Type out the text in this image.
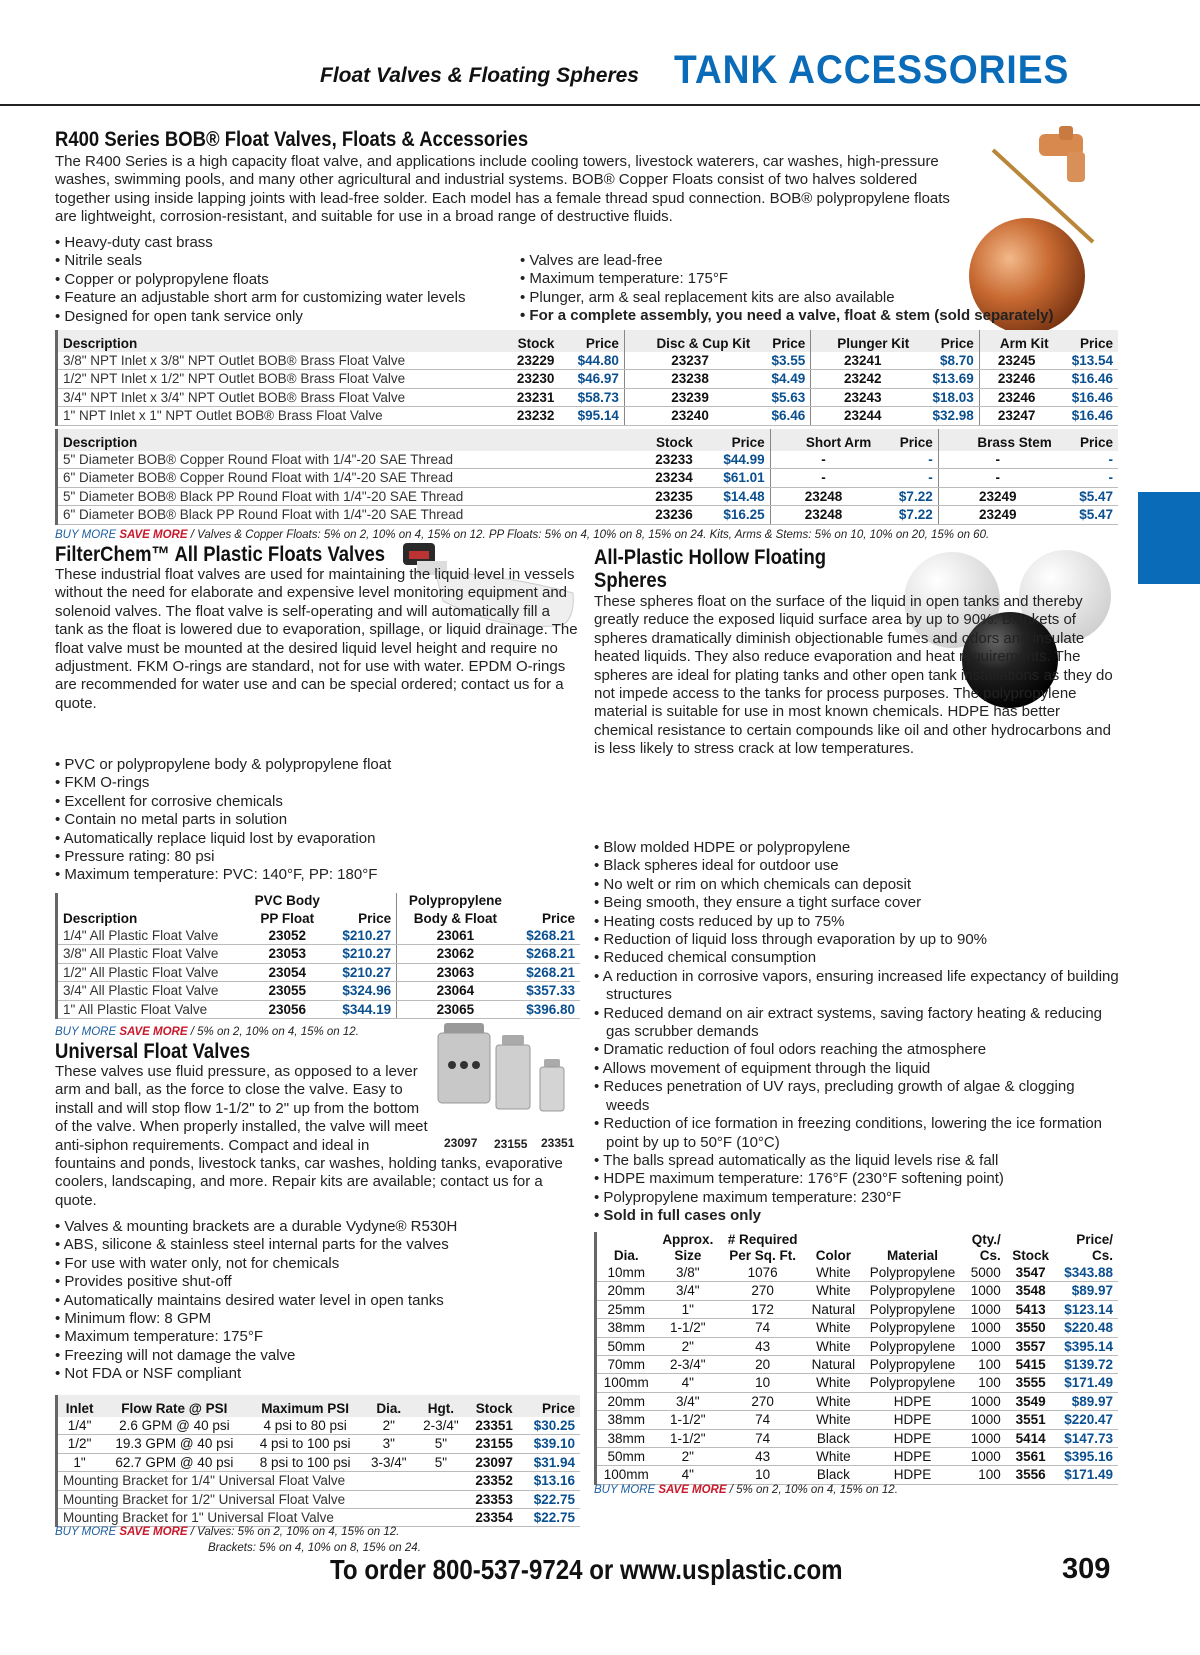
Float Valves & Floating Spheres TANK ACCESSORIES
R400 Series BOB® Float Valves, Floats & Accessories

The R400 Series is a high capacity float valve, and applications include cooling towers, livestock waterers, car washes, high-pressure washes, swimming pools, and many other agricultural and industrial systems. BOB® Copper Floats consist of two halves soldered together using inside lapping joints with lead-free solder. Each model has a female thread spud connection. BOB® polypropylene floats are lightweight, corrosion-resistant, and suitable for use in a broad range of destructive fluids.

• Heavy-duty cast brass
• Nitrile seals
• Copper or polypropylene floats
• Feature an adjustable short arm for customizing water levels
• Designed for open tank service only
• Valves are lead-free
• Maximum temperature: 175°F
• Plunger, arm & seal replacement kits are also available
• For a complete assembly, you need a valve, float & stem (sold separately)
Description	Stock	Price	Disc & Cup Kit	Price	Plunger Kit	Price	Arm Kit	Price
3/8" NPT Inlet x 3/8" NPT Outlet BOB® Brass Float Valve	23229	$44.80	23237	$3.55	23241	$8.70	23245	$13.54
1/2" NPT Inlet x 1/2" NPT Outlet BOB® Brass Float Valve	23230	$46.97	23238	$4.49	23242	$13.69	23246	$16.46
3/4" NPT Inlet x 3/4" NPT Outlet BOB® Brass Float Valve	23231	$58.73	23239	$5.63	23243	$18.03	23246	$16.46
1" NPT Inlet x 1" NPT Outlet BOB® Brass Float Valve	23232	$95.14	23240	$6.46	23244	$32.98	23247	$16.46
Description	Stock	Price	Short Arm	Price	Brass Stem	Price
5" Diameter BOB® Copper Round Float with 1/4"-20 SAE Thread	23233	$44.99	-	-	-	-
6" Diameter BOB® Copper Round Float with 1/4"-20 SAE Thread	23234	$61.01	-	-	-	-
5" Diameter BOB® Black PP Round Float with 1/4"-20 SAE Thread	23235	$14.48	23248	$7.22	23249	$5.47
6" Diameter BOB® Black PP Round Float with 1/4"-20 SAE Thread	23236	$16.25	23248	$7.22	23249	$5.47
BUY MORE SAVE MORE / Valves & Copper Floats: 5% on 2, 10% on 4, 15% on 12. PP Floats: 5% on 4, 10% on 8, 15% on 24. Kits, Arms & Stems: 5% on 10, 10% on 20, 15% on 60.
FilterChem™ All Plastic Floats Valves

These industrial float valves are used for maintaining the liquid level in vessels without the need for elaborate and expensive level monitoring equipment and solenoid valves. The float valve is self-operating and will automatically fill a tank as the float is lowered due to evaporation, spillage, or liquid drainage. The float valve must be mounted at the desired liquid level height and require no adjustment. FKM O-rings are standard, not for use with water. EPDM O-rings are recommended for water use and can be special ordered; contact us for a quote.

• PVC or polypropylene body & polypropylene float
• FKM O-rings
• Excellent for corrosive chemicals
• Contain no metal parts in solution
• Automatically replace liquid lost by evaporation
• Pressure rating: 80 psi
• Maximum temperature: PVC: 140°F, PP: 180°F
	PVC Body		Polypropylene	
Description	PP Float	Price	Body & Float	Price
1/4" All Plastic Float Valve	23052	$210.27	23061	$268.21
3/8" All Plastic Float Valve	23053	$210.27	23062	$268.21
1/2" All Plastic Float Valve	23054	$210.27	23063	$268.21
3/4" All Plastic Float Valve	23055	$324.96	23064	$357.33
1" All Plastic Float Valve	23056	$344.19	23065	$396.80
BUY MORE SAVE MORE / 5% on 2, 10% on 4, 15% on 12.
Universal Float Valves
23097 23155 23351

These valves use fluid pressure, as opposed to a lever arm and ball, as the force to close the valve. Easy to install and will stop flow 1-1/2" to 2" up from the bottom of the valve. When properly installed, the valve will meet anti-siphon requirements. Compact and ideal in fountains and ponds, livestock tanks, car washes, holding tanks, evaporative coolers, landscaping, and more. Repair kits are available; contact us for a quote.

• Valves & mounting brackets are a durable Vydyne® R530H
• ABS, silicone & stainless steel internal parts for the valves
• For use with water only, not for chemicals
• Provides positive shut-off
• Automatically maintains desired water level in open tanks
• Minimum flow: 8 GPM
• Maximum temperature: 175°F
• Freezing will not damage the valve
• Not FDA or NSF compliant
Inlet	Flow Rate @ PSI	Maximum PSI	Dia.	Hgt.	Stock	Price
1/4"	2.6 GPM @ 40 psi	4 psi to 80 psi	2"	2-3/4"	23351	$30.25
1/2"	19.3 GPM @ 40 psi	4 psi to 100 psi	3"	5"	23155	$39.10
1"	62.7 GPM @ 40 psi	8 psi to 100 psi	3-3/4"	5"	23097	$31.94
Mounting Bracket for 1/4" Universal Float Valve					23352	$13.16
Mounting Bracket for 1/2" Universal Float Valve					23353	$22.75
Mounting Bracket for 1" Universal Float Valve					23354	$22.75
BUY MORE SAVE MORE / Valves: 5% on 2, 10% on 4, 15% on 12.
Brackets: 5% on 4, 10% on 8, 15% on 24.
All-Plastic Hollow Floating
Spheres

These spheres float on the surface of the liquid in open tanks and thereby greatly reduce the exposed liquid surface area by up to 90%. Blankets of spheres dramatically diminish objectionable fumes and odors and insulate heated liquids. They also reduce evaporation and heat requirements. The spheres are ideal for plating tanks and other open tank installations as they do not impede access to the tanks for process purposes. The polypropylene material is suitable for use in most known chemicals. HDPE has better chemical resistance to certain compounds like oil and other hydrocarbons and is less likely to stress crack at low temperatures.

• Blow molded HDPE or polypropylene
• Black spheres ideal for outdoor use
• No welt or rim on which chemicals can deposit
• Being smooth, they ensure a tight surface cover
• Heating costs reduced by up to 75%
• Reduction of liquid loss through evaporation by up to 90%
• Reduced chemical consumption
• A reduction in corrosive vapors, ensuring increased life expectancy of building structures
• Reduced demand on air extract systems, saving factory heating & reducing gas scrubber demands
• Dramatic reduction of foul odors reaching the atmosphere
• Allows movement of equipment through the liquid
• Reduces penetration of UV rays, precluding growth of algae & clogging weeds
• Reduction of ice formation in freezing conditions, lowering the ice formation point by up to 50°F (10°C)
• The balls spread automatically as the liquid levels rise & fall
• HDPE maximum temperature: 176°F (230°F softening point)
• Polypropylene maximum temperature: 230°F
• Sold in full cases only
	Approx.	# Required			Qty./		Price/
Dia.	Size	Per Sq. Ft.	Color	Material	Cs.	Stock	Cs.
10mm	3/8"	1076	White	Polypropylene	5000	3547	$343.88
20mm	3/4"	270	White	Polypropylene	1000	3548	$89.97
25mm	1"	172	Natural	Polypropylene	1000	5413	$123.14
38mm	1-1/2"	74	White	Polypropylene	1000	3550	$220.48
50mm	2"	43	White	Polypropylene	1000	3557	$395.14
70mm	2-3/4"	20	Natural	Polypropylene	100	5415	$139.72
100mm	4"	10	White	Polypropylene	100	3555	$171.49
20mm	3/4"	270	White	HDPE	1000	3549	$89.97
38mm	1-1/2"	74	White	HDPE	1000	3551	$220.47
38mm	1-1/2"	74	Black	HDPE	1000	5414	$147.73
50mm	2"	43	White	HDPE	1000	3561	$395.16
100mm	4"	10	Black	HDPE	100	3556	$171.49
BUY MORE SAVE MORE / 5% on 2, 10% on 4, 15% on 12.
To order 800-537-9724 or www.usplastic.com	309
